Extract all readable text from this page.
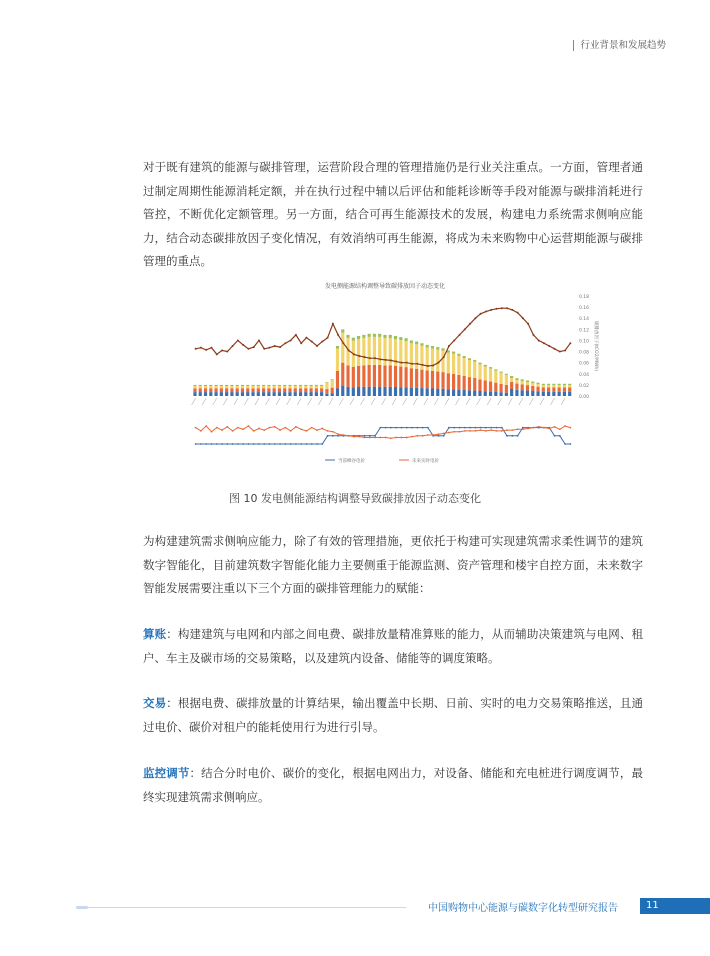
行业背景和发展趋势

对于既有建筑的能源与碳排管理，运营阶段合理的管理措施仍是行业关注重点。一方面，管理者通过制定周期性能源消耗定额，并在执行过程中辅以后评估和能耗诊断等手段对能源与碳排消耗进行管控，不断优化定额管理。另一方面，结合可再生能源技术的发展，构建电力系统需求侧响应能力，结合动态碳排放因子变化情况，有效消纳可再生能源，将成为未来购物中心运营期能源与碳排管理的重点。

发电侧能源结构调整导致碳排放因子动态变化
0.18
0.16
0.14
0.12
0.10
0.08
0.06
0.04
0.02
0.00
碳排放因子(tCO2/MWh)
当前峰谷电价	未来实时电价
图 10 发电侧能源结构调整导致碳排放因子动态变化

为构建建筑需求侧响应能力，除了有效的管理措施，更依托于构建可实现建筑需求柔性调节的建筑数字智能化，目前建筑数字智能化能力主要侧重于能源监测、资产管理和楼宇自控方面，未来数字智能发展需要注重以下三个方面的碳排管理能力的赋能：

算账：构建建筑与电网和内部之间电费、碳排放量精准算账的能力，从而辅助决策建筑与电网、租户、车主及碳市场的交易策略，以及建筑内设备、储能等的调度策略。

交易：根据电费、碳排放量的计算结果，输出覆盖中长期、日前、实时的电力交易策略推送，且通过电价、碳价对租户的能耗使用行为进行引导。

监控调节：结合分时电价、碳价的变化，根据电网出力，对设备、储能和充电桩进行调度调节，最终实现建筑需求侧响应。

中国购物中心能源与碳数字化转型研究报告	11
